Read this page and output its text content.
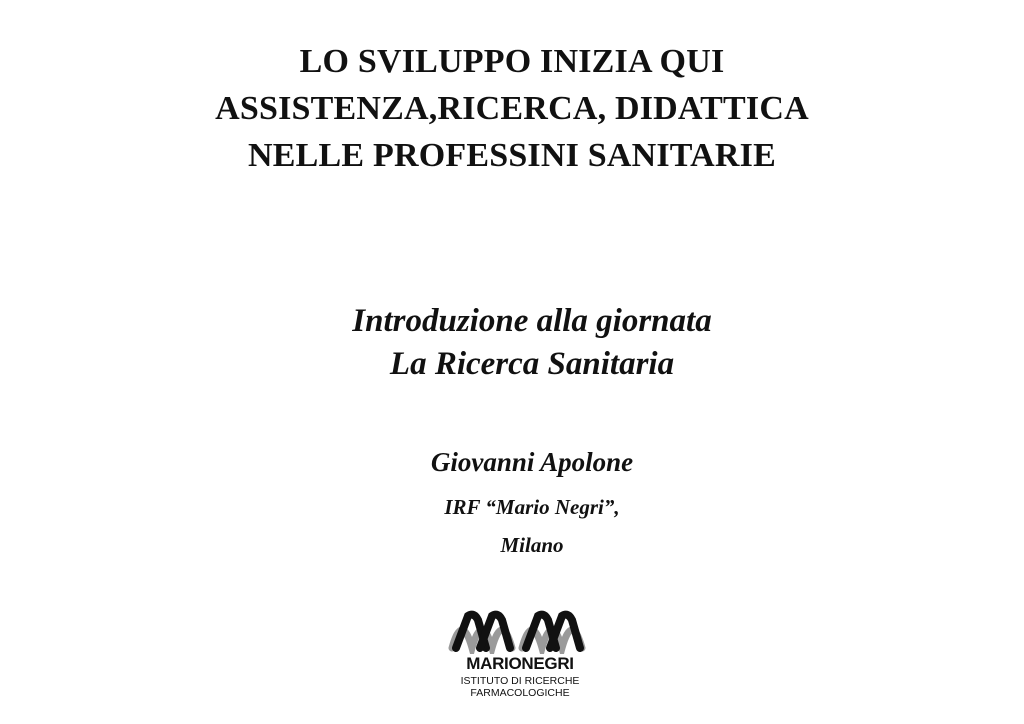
LO SVILUPPO INIZIA QUI
ASSISTENZA,RICERCA, DIDATTICA
NELLE PROFESSINI SANITARIE
Introduzione alla giornata
La Ricerca Sanitaria
Giovanni Apolone
IRF “Mario Negri”,
Milano
MARIONEGRI
ISTITUTO DI RICERCHE
FARMACOLOGICHE
